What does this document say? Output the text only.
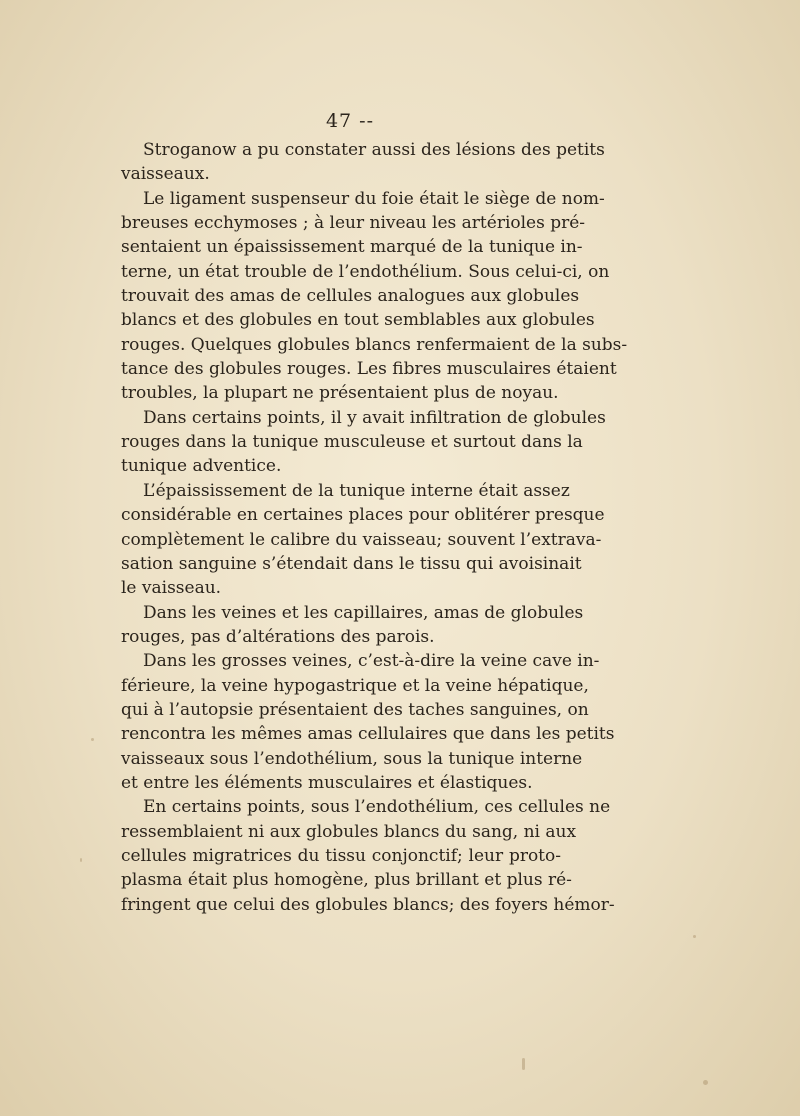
47 --
Stroganow a pu constater aussi des lésions des petits
vaisseaux.
Le ligament suspenseur du foie était le siège de nom-
breuses ecchymoses ; à leur niveau les artérioles pré-
sentaient un épaississement marqué de la tunique in-
terne, un état trouble de l’endothélium. Sous celui-ci, on
trouvait des amas de cellules analogues aux globules
blancs et des globules en tout semblables aux globules
rouges. Quelques globules blancs renfermaient de la subs-
tance des globules rouges. Les fibres musculaires étaient
troubles, la plupart ne présentaient plus de noyau.
Dans certains points, il y avait infiltration de globules
rouges dans la tunique musculeuse et surtout dans la
tunique adventice.
L’épaississement de la tunique interne était assez
considérable en certaines places pour oblitérer presque
complètement le calibre du vaisseau; souvent l’extrava-
sation sanguine s’étendait dans le tissu qui avoisinait
le vaisseau.
Dans les veines et les capillaires, amas de globules
rouges, pas d’altérations des parois.
Dans les grosses veines, c’est-à-dire la veine cave in-
férieure, la veine hypogastrique et la veine hépatique,
qui à l’autopsie présentaient des taches sanguines, on
rencontra les mêmes amas cellulaires que dans les petits
vaisseaux sous l’endothélium, sous la tunique interne
et entre les éléments musculaires et élastiques.
En certains points, sous l’endothélium, ces cellules ne
ressemblaient ni aux globules blancs du sang, ni aux
cellules migratrices du tissu conjonctif; leur proto-
plasma était plus homogène, plus brillant et plus ré-
fringent que celui des globules blancs; des foyers hémor-
